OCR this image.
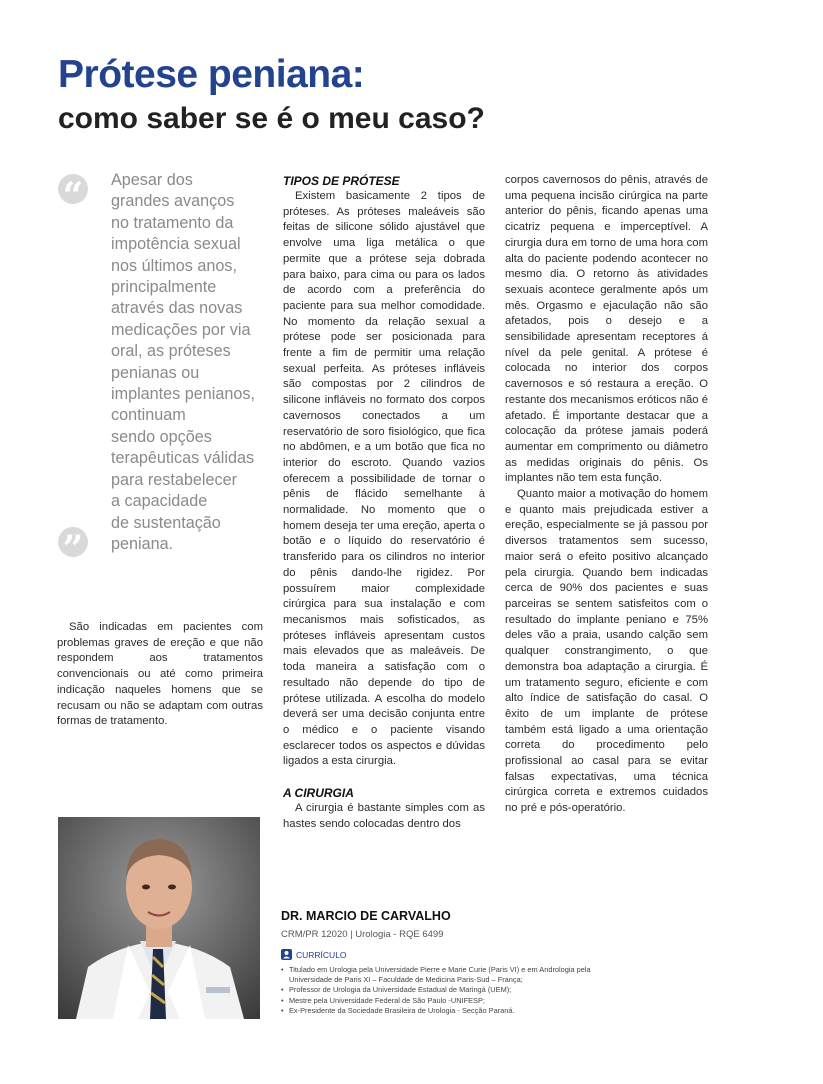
Prótese peniana:
como saber se é o meu caso?
“
”
Apesar dos
grandes avanços
no tratamento da
impotência sexual
nos últimos anos,
principalmente
através das novas
medicações por via
oral, as próteses
penianas ou
implantes penianos,
continuam
sendo opções
terapêuticas válidas
para restabelecer
a capacidade
de sustentação
peniana.

São indicadas em pacientes com problemas graves de ereção e que não respondem aos tratamentos convencionais ou até como primeira indicação naqueles homens que se recusam ou não se adaptam com outras formas de tratamento.

TIPOS DE PRÓTESE

Existem basicamente 2 tipos de próteses. As próteses maleáveis são feitas de silicone sólido ajustável que envolve uma liga metálica o que permite que a prótese seja dobrada para baixo, para cima ou para os lados de acordo com a preferência do paciente para sua melhor comodidade. No momento da relação sexual a prótese pode ser posicionada para frente a fim de permitir uma relação sexual perfeita. As próteses infláveis são compostas por 2 cilindros de silicone infláveis no formato dos corpos cavernosos conectados a um reservatório de soro fisiológico, que fica no abdômen, e a um botão que fica no interior do escroto. Quando vazios oferecem a possibilidade de tornar o pênis de flácido semelhante à normalidade. No momento que o homem deseja ter uma ereção, aperta o botão e o líquido do reservatório é transferido para os cilindros no interior do pênis dando-lhe rigidez. Por possuírem maior complexidade cirúrgica para sua instalação e com mecanismos mais sofisticados, as próteses infláveis apresentam custos mais elevados que as maleáveis. De toda maneira a satisfação com o resultado não depende do tipo de prótese utilizada. A escolha do modelo deverá ser uma decisão conjunta entre o médico e o paciente visando esclarecer todos os aspectos e dúvidas ligados a esta cirurgia.

A CIRURGIA

A cirurgia é bastante simples com as hastes sendo colocadas dentro dos

corpos cavernosos do pênis, através de uma pequena incisão cirúrgica na parte anterior do pênis, ficando apenas uma cicatriz pequena e imperceptível. A cirurgia dura em torno de uma hora com alta do paciente podendo acontecer no mesmo dia. O retorno às atividades sexuais acontece geralmente após um mês. Orgasmo e ejaculação não são afetados, pois o desejo e a sensibilidade apresentam receptores á nível da pele genital. A prótese é colocada no interior dos corpos cavernosos e só restaura a ereção. O restante dos mecanismos eróticos não é afetado. É importante destacar que a colocação da prótese jamais poderá aumentar em comprimento ou diâmetro as medidas originais do pênis. Os implantes não tem esta função.

Quanto maior a motivação do homem e quanto mais prejudicada estiver a ereção, especialmente se já passou por diversos tratamentos sem sucesso, maior será o efeito positivo alcançado pela cirurgia. Quando bem indicadas cerca de 90% dos pacientes e suas parceiras se sentem satisfeitos com o resultado do implante peniano e 75% deles vão a praia, usando calção sem qualquer constrangimento, o que demonstra boa adaptação a cirurgia. É um tratamento seguro, eficiente e com alto índice de satisfação do casal. O êxito de um implante de prótese também está ligado a uma orientação correta do procedimento pelo profissional ao casal para se evitar falsas expectativas, uma técnica cirúrgica correta e extremos cuidados no pré e pós-operatório.

DR. MARCIO DE CARVALHO
CRM/PR 12020 | Urologia - RQE 6499
CURRÍCULO
• Titulado em Urologia pela Universidade Pierre e Marie Curie (Paris VI) e em Andrologia pela Universidade de Paris XI – Faculdade de Medicina Paris-Sud – França;
• Professor de Urologia da Universidade Estadual de Maringá (UEM);
• Mestre pela Universidade Federal de São Paulo -UNIFESP;
• Ex-Presidente da Sociedade Brasileira de Urologia - Secção Paraná.
